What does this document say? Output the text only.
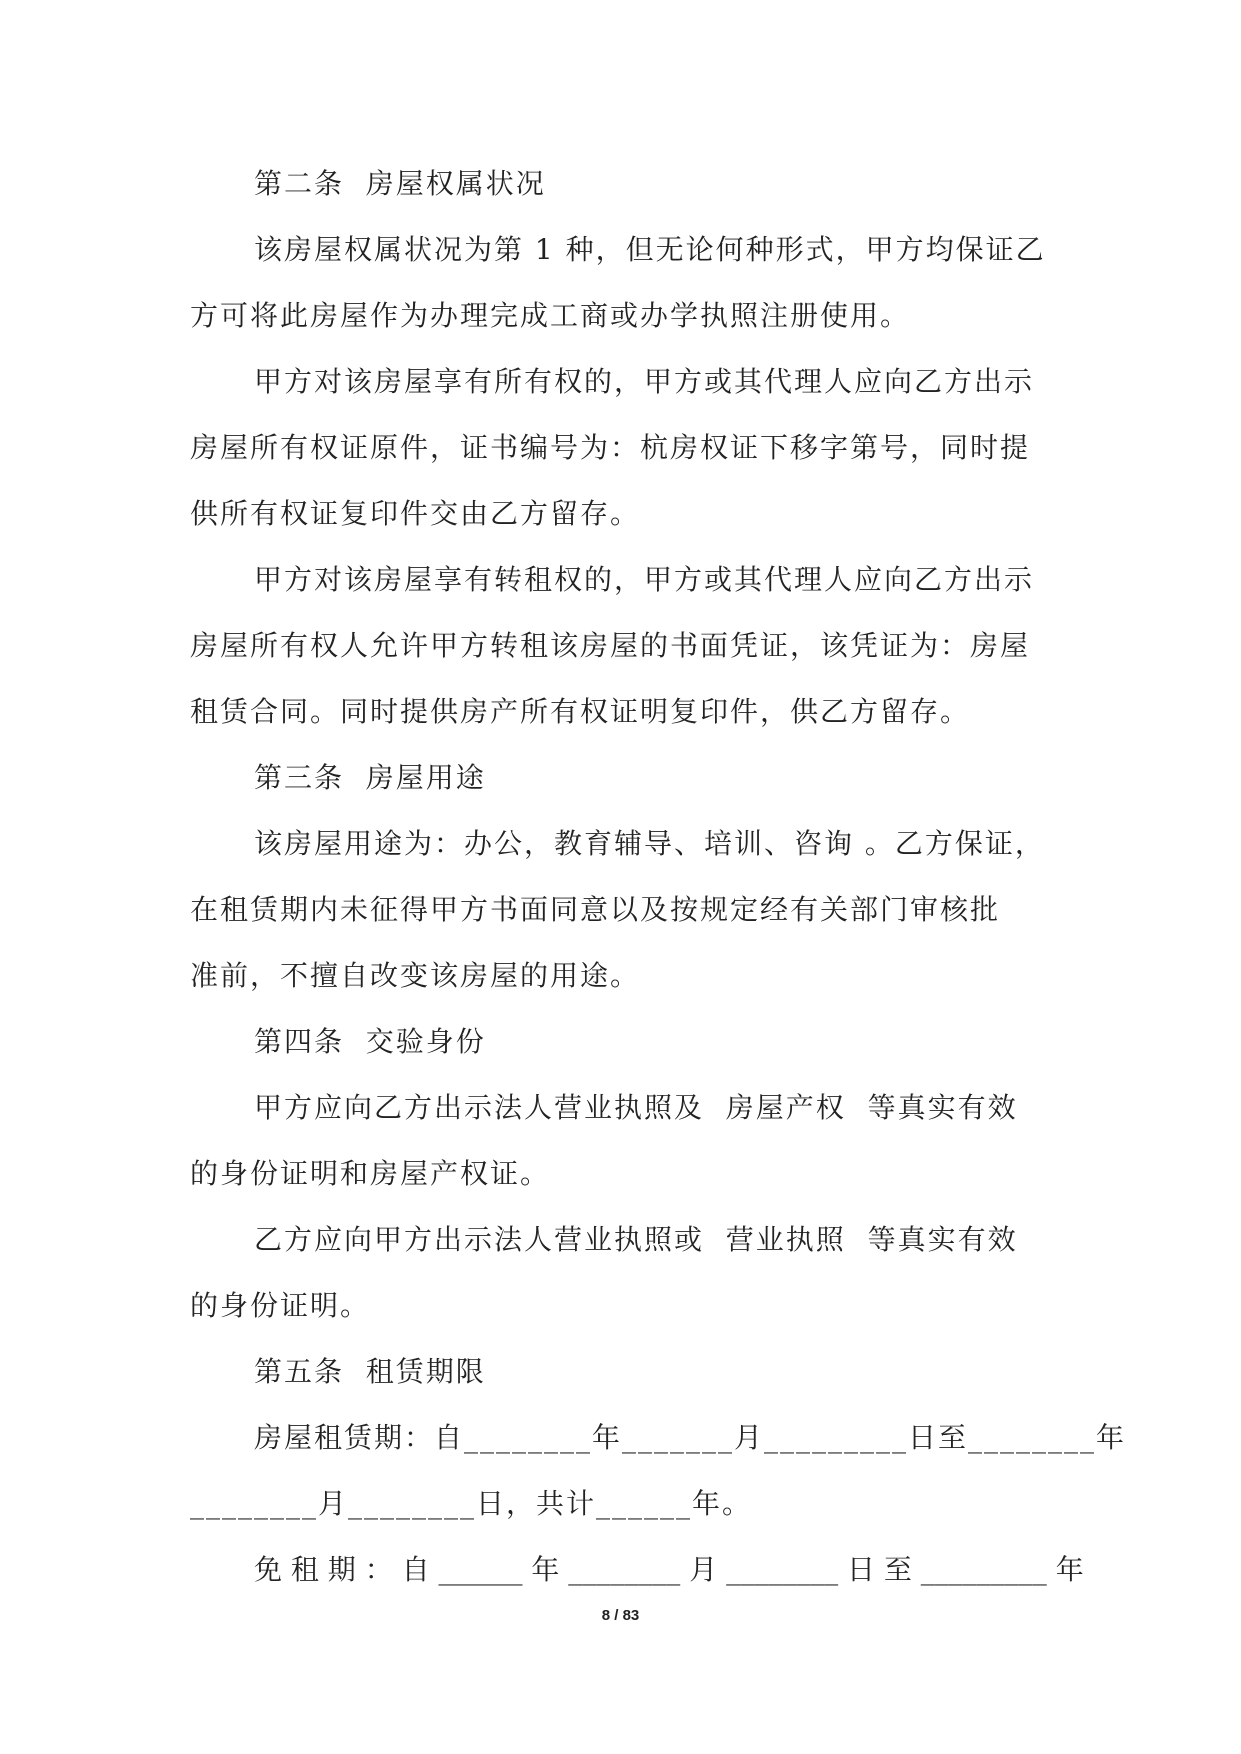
第二条  房屋权属状况
该房屋权属状况为第 1 种，但无论何种形式，甲方均保证乙
方可将此房屋作为办理完成工商或办学执照注册使用。
甲方对该房屋享有所有权的，甲方或其代理人应向乙方出示
房屋所有权证原件，证书编号为：杭房权证下移字第号，同时提
供所有权证复印件交由乙方留存。
甲方对该房屋享有转租权的，甲方或其代理人应向乙方出示
房屋所有权人允许甲方转租该房屋的书面凭证，该凭证为：房屋
租赁合同。同时提供房产所有权证明复印件，供乙方留存。
第三条  房屋用途
该房屋用途为：办公，教育辅导、培训、咨询 。乙方保证，
在租赁期内未征得甲方书面同意以及按规定经有关部门审核批
准前，不擅自改变该房屋的用途。
第四条  交验身份
甲方应向乙方出示法人营业执照及  房屋产权  等真实有效
的身份证明和房屋产权证。
乙方应向甲方出示法人营业执照或  营业执照  等真实有效
的身份证明。
第五条  租赁期限
房屋租赁期：自________年_______月_________日至________年
________月________日，共计______年。
免 租 期 ： 自 ______ 年 ________ 月 ________ 日 至 _________ 年
8 / 83
